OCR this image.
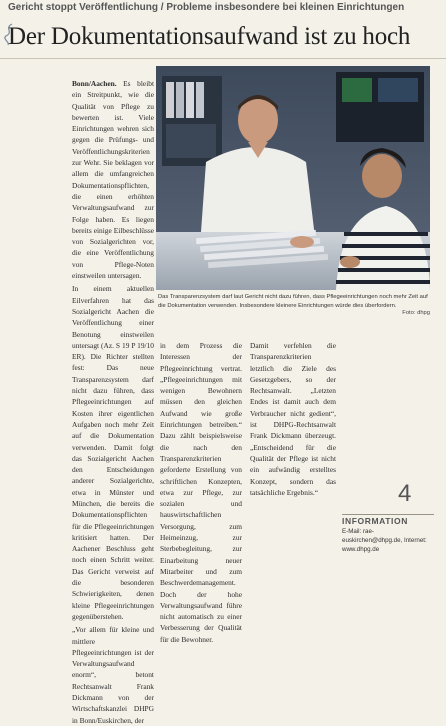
Gericht stoppt Veröffentlichung / Probleme insbesondere bei kleinen Einrichtungen
Der Dokumentationsaufwand ist zu hoch

Bonn/Aachen. Es bleibt ein Streitpunkt, wie die Qualität von Pflege zu bewerten ist. Viele Einrichtungen wehren sich gegen die Prüfungs- und Veröffentlichungskriterien zur Wehr. Sie beklagen vor allem die umfangreichen Dokumentationspflichten, die einen erhöhten Verwaltungsaufwand zur Folge haben. Es liegen bereits einige Eilbeschlüsse von Sozialgerichten vor, die eine Veröffentlichung von Pflege-Noten einstweilen untersagen.

In einem aktuellen Eilverfahren hat das Sozialgericht Aachen die Veröffentlichung einer Benotung einstweilen untersagt (Az. S 19 P 19/10 ER). Die Richter stellten fest: Das neue Transparenzsystem darf nicht dazu führen, dass Pflegeeinrichtungen auf Kosten ihrer eigentlichen Aufgaben noch mehr Zeit auf die Dokumentation verwenden. Damit folgt das Sozialgericht Aachen den Entscheidungen anderer Sozialgerichte, etwa in Münster und München, die bereits die Dokumentationspflichten für die Pflegeeinrichtungen kritisiert hatten. Der Aachener Beschluss geht noch einen Schritt weiter. Das Gericht verweist auf die besonderen Schwierigkeiten, denen kleine Pflegeeinrichtungen gegenüberstehen.

„Vor allem für kleine und mittlere Pflegeeinrichtungen ist der Verwaltungsaufwand enorm“, betont Rechtsanwalt Frank Dickmann von der Wirtschaftskanzlei DHPG in Bonn/Euskirchen, der

Das Transparenzsystem darf laut Gericht nicht dazu führen, dass Pflegeeinrichtungen noch mehr Zeit auf die Dokumentation verwenden. Insbesondere kleinere Einrichtungen würde dies überfordern.
Foto: dhpg
in dem Prozess die Interessen der Pflegeeinrichtung vertrat. „Pflegeeinrichtungen mit wenigen Bewohnern müssen den gleichen Aufwand wie große Einrichtungen betreiben.“ Dazu zählt beispielsweise die nach den Transparenzkriterien geforderte Erstellung von schriftlichen Konzepten, etwa zur Pflege, zur sozialen und hauswirtschaftlichen Versorgung, zum Heimeinzug, zur Sterbebegleitung, zur Einarbeitung neuer Mitarbeiter und zum Beschwerdemanagement. Doch der hohe Verwaltungsaufwand führe nicht automatisch zu einer Verbesserung der Qualität für die Bewohner.
Damit verfehlen die Transparenzkriterien letztlich die Ziele des Gesetzgebers, so der Rechtsanwalt. „Letzten Endes ist damit auch dem Verbraucher nicht gedient“, ist DHPG-Rechtsanwalt Frank Dickmann überzeugt. „Entscheidend für die Qualität der Pflege ist nicht ein aufwändig erstelltes Konzept, sondern das tatsächliche Ergebnis.“	4
INFORMATION
E-Mail: rae-euskirchen@dhpg.de, Internet: www.dhpg.de
